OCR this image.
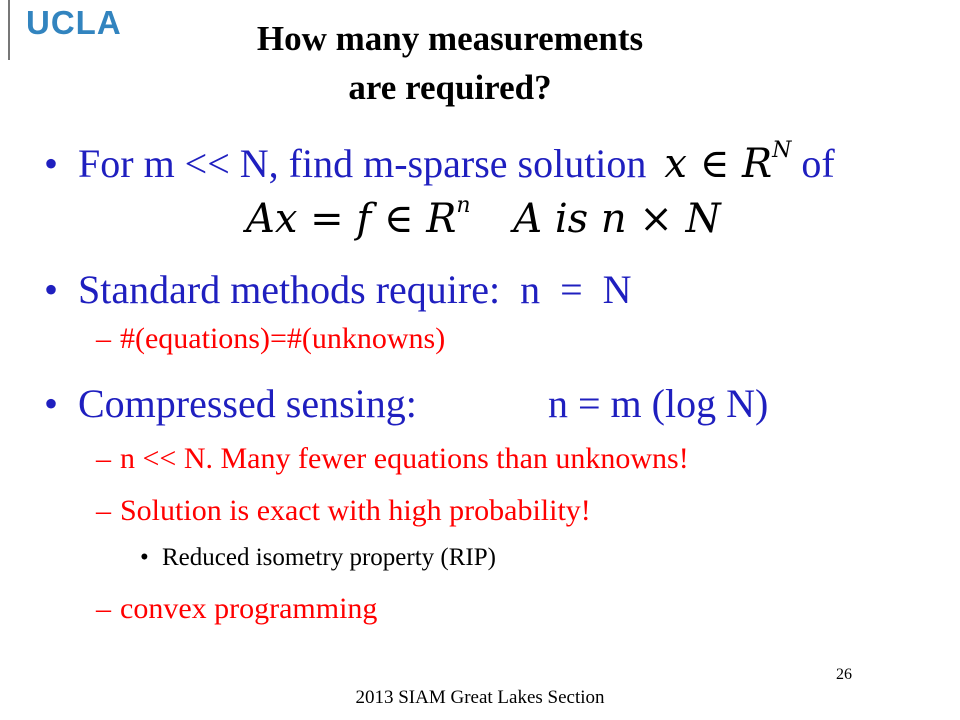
UCLA	How many measurements
are required?
• For m << N, find m-sparse solution x ∈ $R^N$ of
Ax = f ∈ $R^n$ A is n × N
• Standard methods require:  n  =  N
– #(equations)=#(unknowns)
• Compressed sensing:	n = m (log N)
– n << N. Many fewer equations than unknowns!
– Solution is exact with high probability!
• Reduced isometry property (RIP)
– convex programming
26
2013 SIAM Great Lakes Section
